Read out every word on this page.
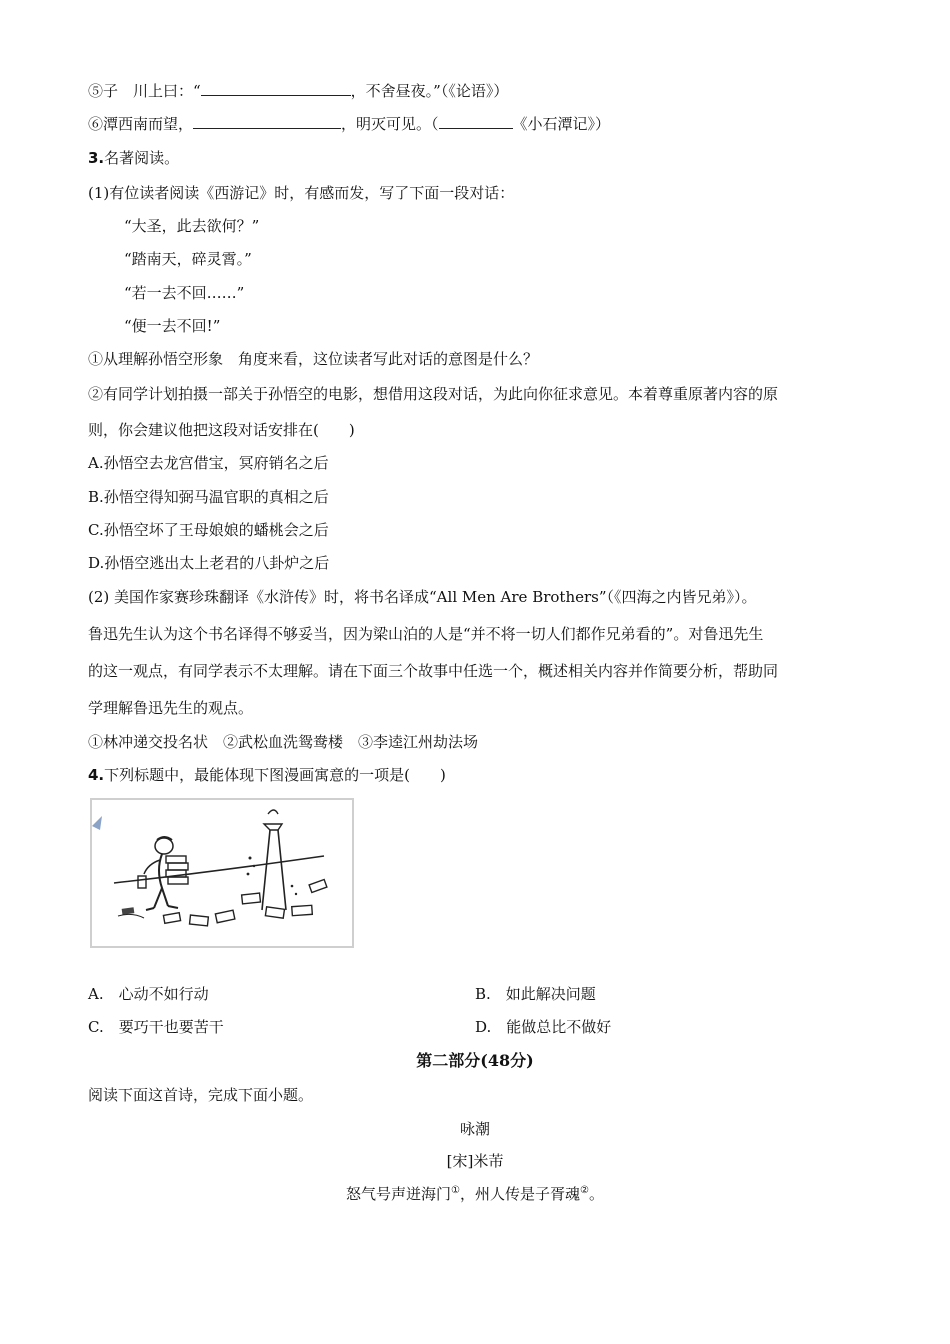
⑤子　川上曰：“	，不舍昼夜。”（《论语》）
⑥潭西南而望，	，明灭可见。（	《小石潭记》）
3.名著阅读。
(1)有位读者阅读《西游记》时，有感而发，写了下面一段对话：
“大圣，此去欲何？”
“踏南天，碎灵霄。”
“若一去不回……”
“便一去不回!”
①从理解孙悟空形象　角度来看，这位读者写此对话的意图是什么？
②有同学计划拍摄一部关于孙悟空的电影，想借用这段对话，为此向你征求意见。本着尊重原著内容的原
则，你会建议他把这段对话安排在(　　)
A.孙悟空去龙宫借宝，冥府销名之后
B.孙悟空得知弼马温官职的真相之后
C.孙悟空坏了王母娘娘的蟠桃会之后
D.孙悟空逃出太上老君的八卦炉之后
(2) 美国作家赛珍珠翻译《水浒传》时，将书名译成“All Men Are Brothers”（《四海之内皆兄弟》）。
鲁迅先生认为这个书名译得不够妥当，因为梁山泊的人是“并不将一切人们都作兄弟看的”。对鲁迅先生
的这一观点，有同学表示不太理解。请在下面三个故事中任选一个，概述相关内容并作简要分析，帮助同
学理解鲁迅先生的观点。
①林冲递交投名状　②武松血洗鸳鸯楼　③李逵江州劫法场
4.下列标题中，最能体现下图漫画寓意的一项是(　　)
A.　心动不如行动	B.　如此解决问题
C.　要巧干也要苦干	D.　能做总比不做好
第二部分(48分)
阅读下面这首诗，完成下面小题。
咏潮
[宋]米芾
怒气号声迸海门①，州人传是子胥魂②。
